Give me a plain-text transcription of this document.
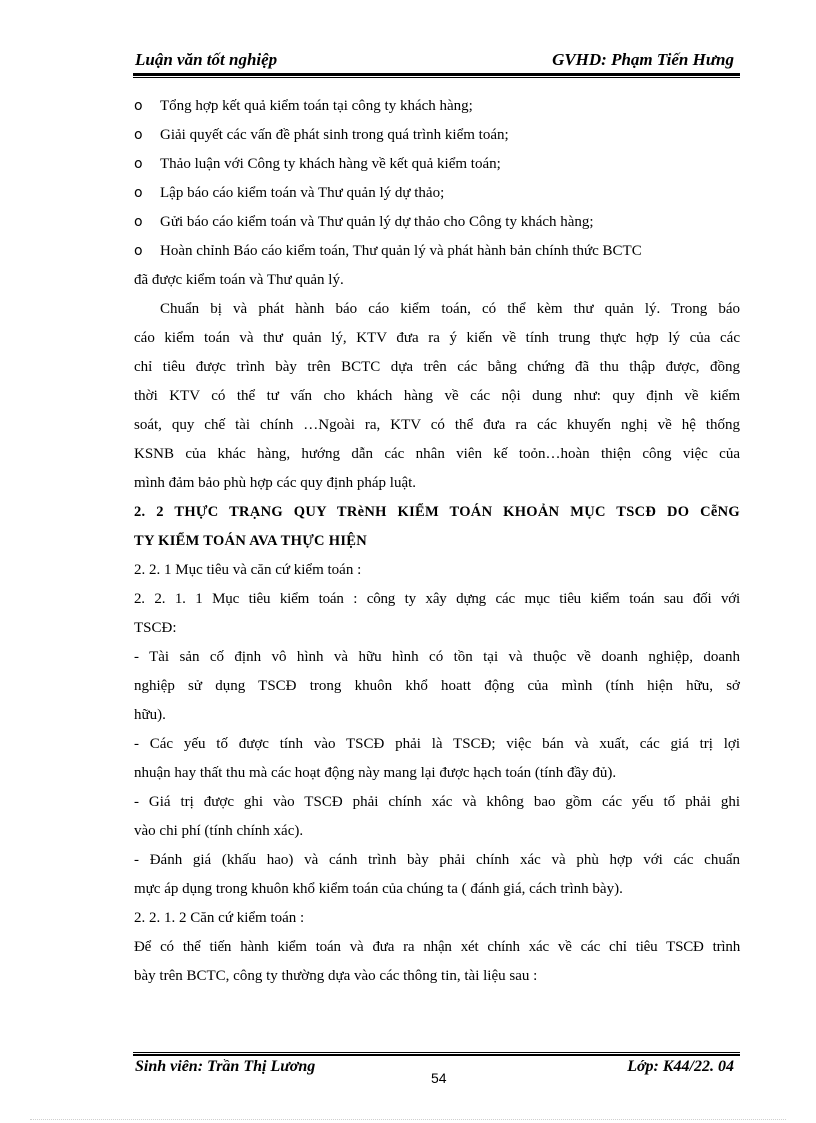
Luận văn tốt nghiệp	GVHD: Phạm Tiến Hưng
o Tổng hợp kết quả kiểm toán tại công ty khách hàng;
o Giải quyết các vấn đề phát sinh trong quá trình kiểm toán;
o Thảo luận với Công ty khách hàng về kết quả kiểm toán;
o Lập báo cáo kiểm toán và Thư quản lý dự thảo;
o Gửi báo cáo kiểm toán và Thư quản lý dự thảo cho Công ty khách hàng;
o Hoàn chỉnh Báo cáo kiểm toán, Thư quản lý và phát hành bản chính thức BCTC
đã được kiểm toán và Thư quản lý.
Chuẩn bị và phát hành báo cáo kiểm toán, có thể kèm thư quản lý. Trong báo
cáo kiểm toán và thư quản lý, KTV đưa ra ý kiến về tính trung thực hợp lý của các
chỉ tiêu được trình bày trên BCTC dựa trên các bằng chứng đã thu thập được, đồng
thời KTV có thể tư vấn cho khách hàng về các nội dung như: quy định về kiểm
soát, quy chế tài chính …Ngoài ra, KTV có thể đưa ra các khuyến nghị về hệ thống
KSNB của khác hàng, hướng dẫn các nhân viên kế toỏn…hoàn thiện công việc của
mình đảm bảo phù hợp các quy định pháp luật.
2. 2 THỰC TRẠNG QUY TRèNH KIỂM TOÁN KHOẢN MỤC TSCĐ DO CễNG
TY KIỂM TOÁN AVA THỰC HIỆN
2. 2. 1 Mục tiêu và căn cứ kiểm toán :
2. 2. 1. 1 Mục tiêu kiểm toán : công ty xây dựng các mục tiêu kiểm toán sau đối với
TSCĐ:
- Tài sản cố định vô hình và hữu hình có tồn tại và thuộc về doanh nghiệp, doanh
nghiệp sử dụng TSCĐ trong khuôn khổ hoatt động của mình (tính hiện hữu, sở
hữu).
- Các yếu tố được tính vào TSCĐ phải là TSCĐ; việc bán và xuất, các giá trị lợi
nhuận hay thất thu mà các hoạt động này mang lại được hạch toán (tính đầy đủ).
- Giá trị được ghi vào TSCĐ phải chính xác và không bao gồm các yếu tố phải ghi
vào chi phí (tính chính xác).
- Đánh giá (khấu hao) và cánh trình bày phải chính xác và phù hợp với các chuẩn
mực áp dụng trong khuôn khổ kiểm toán của chúng ta ( đánh giá, cách trình bày).
2. 2. 1. 2 Căn cứ kiểm toán :
Để có thể tiến hành kiểm toán và đưa ra nhận xét chính xác về các chỉ tiêu TSCĐ trình
bày trên BCTC, công ty thường dựa vào các thông tin, tài liệu sau :
Sinh viên: Trần Thị Lương
54
Lớp: K44/22. 04
